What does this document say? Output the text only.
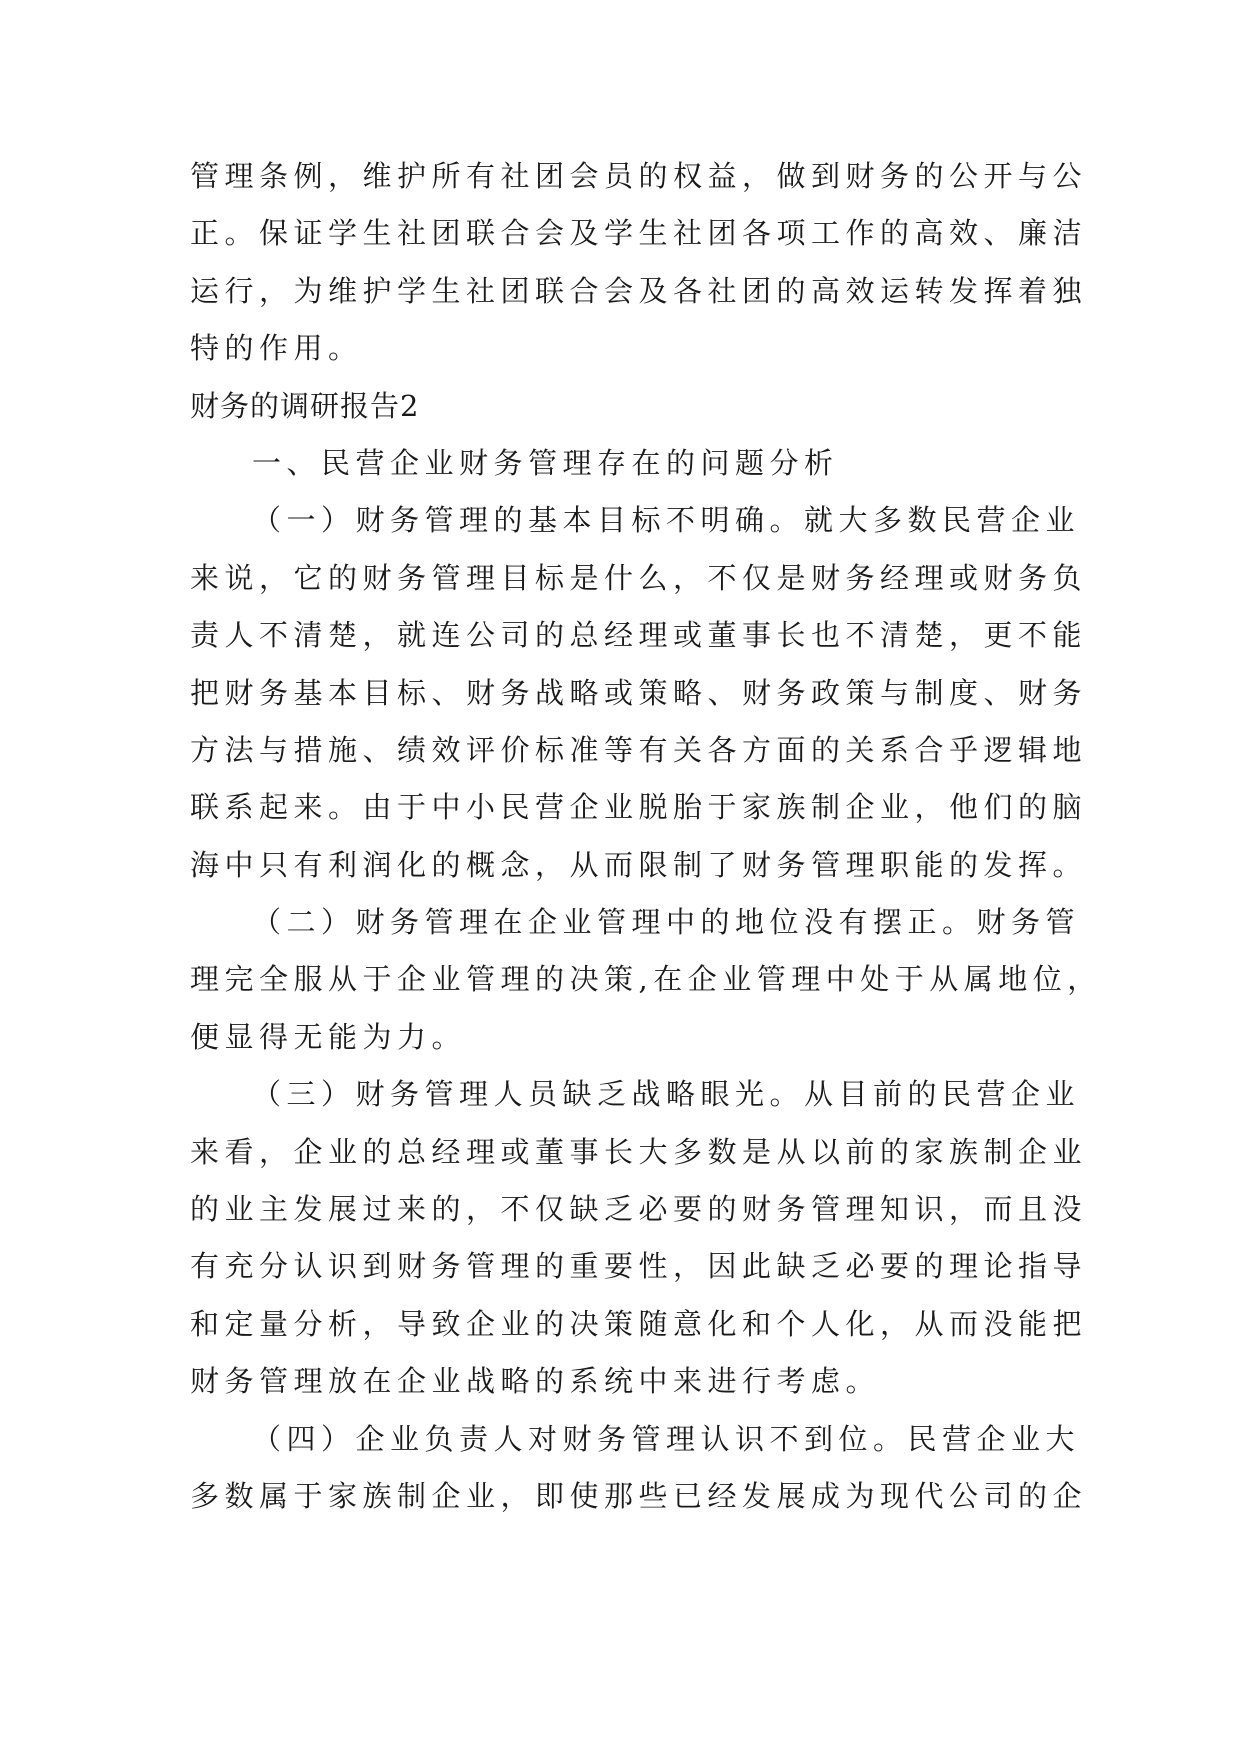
管理条例，维护所有社团会员的权益，做到财务的公开与公
正。保证学生社团联合会及学生社团各项工作的高效、廉洁
运行，为维护学生社团联合会及各社团的高效运转发挥着独
特的作用。
财务的调研报告2
一、民营企业财务管理存在的问题分析
（一）财务管理的基本目标不明确。就大多数民营企业
来说，它的财务管理目标是什么，不仅是财务经理或财务负
责人不清楚，就连公司的总经理或董事长也不清楚，更不能
把财务基本目标、财务战略或策略、财务政策与制度、财务
方法与措施、绩效评价标准等有关各方面的关系合乎逻辑地
联系起来。由于中小民营企业脱胎于家族制企业，他们的脑
海中只有利润化的概念，从而限制了财务管理职能的发挥。
（二）财务管理在企业管理中的地位没有摆正。财务管
理完全服从于企业管理的决策,在企业管理中处于从属地位，
便显得无能为力。
（三）财务管理人员缺乏战略眼光。从目前的民营企业
来看，企业的总经理或董事长大多数是从以前的家族制企业
的业主发展过来的，不仅缺乏必要的财务管理知识，而且没
有充分认识到财务管理的重要性，因此缺乏必要的理论指导
和定量分析，导致企业的决策随意化和个人化，从而没能把
财务管理放在企业战略的系统中来进行考虑。
（四）企业负责人对财务管理认识不到位。民营企业大
多数属于家族制企业，即使那些已经发展成为现代公司的企
